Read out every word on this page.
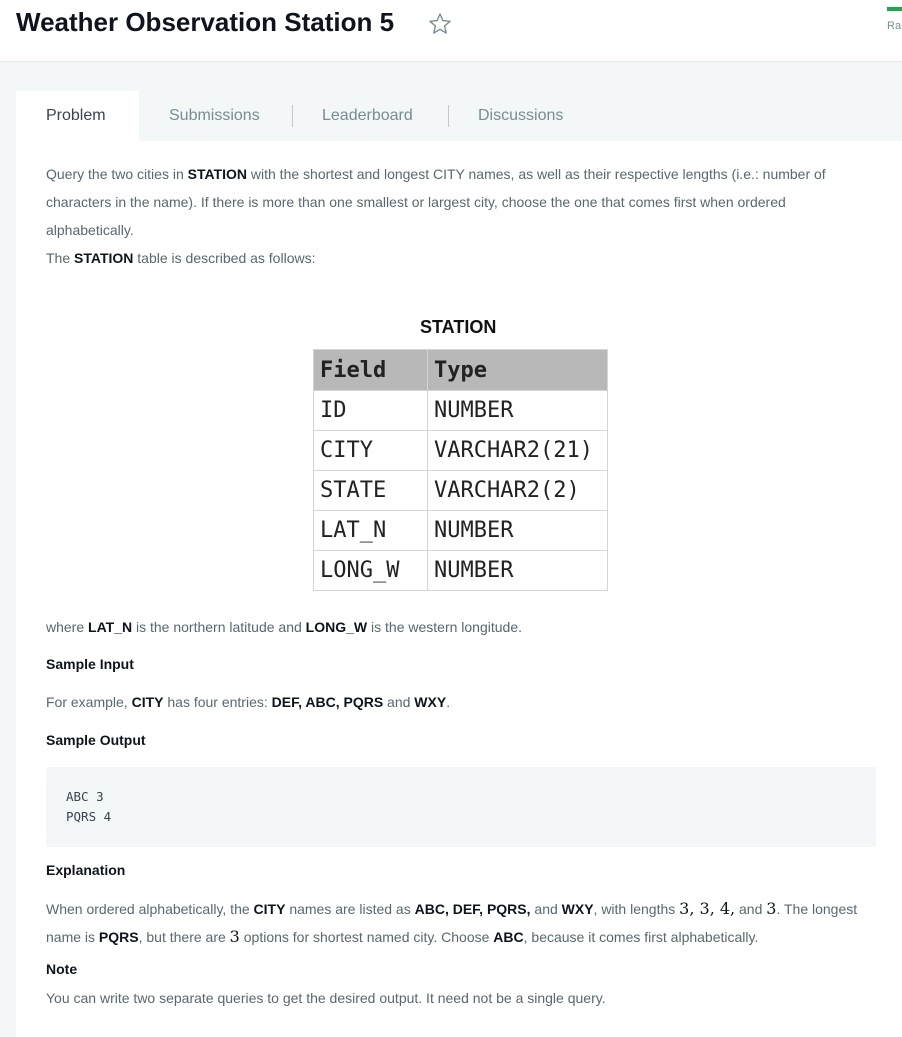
Weather Observation Station 5	Ra
Problem	Submissions	Leaderboard	Discussions

Query the two cities in STATION with the shortest and longest CITY names, as well as their respective lengths (i.e.: number of characters in the name). If there is more than one smallest or largest city, choose the one that comes first when ordered alphabetically.

The STATION table is described as follows:

STATION
Field	Type
ID	NUMBER
CITY	VARCHAR2(21)
STATE	VARCHAR2(2)
LAT_N	NUMBER
LONG_W	NUMBER

where LAT_N is the northern latitude and LONG_W is the western longitude.

Sample Input

For example, CITY has four entries: DEF, ABC, PQRS and WXY.

Sample Output
ABC 3
PQRS 4
Explanation

When ordered alphabetically, the CITY names are listed as ABC, DEF, PQRS, and WXY, with lengths 3, 3, 4, and 3. The longest name is PQRS, but there are 3 options for shortest named city. Choose ABC, because it comes first alphabetically.

Note

You can write two separate queries to get the desired output. It need not be a single query.
